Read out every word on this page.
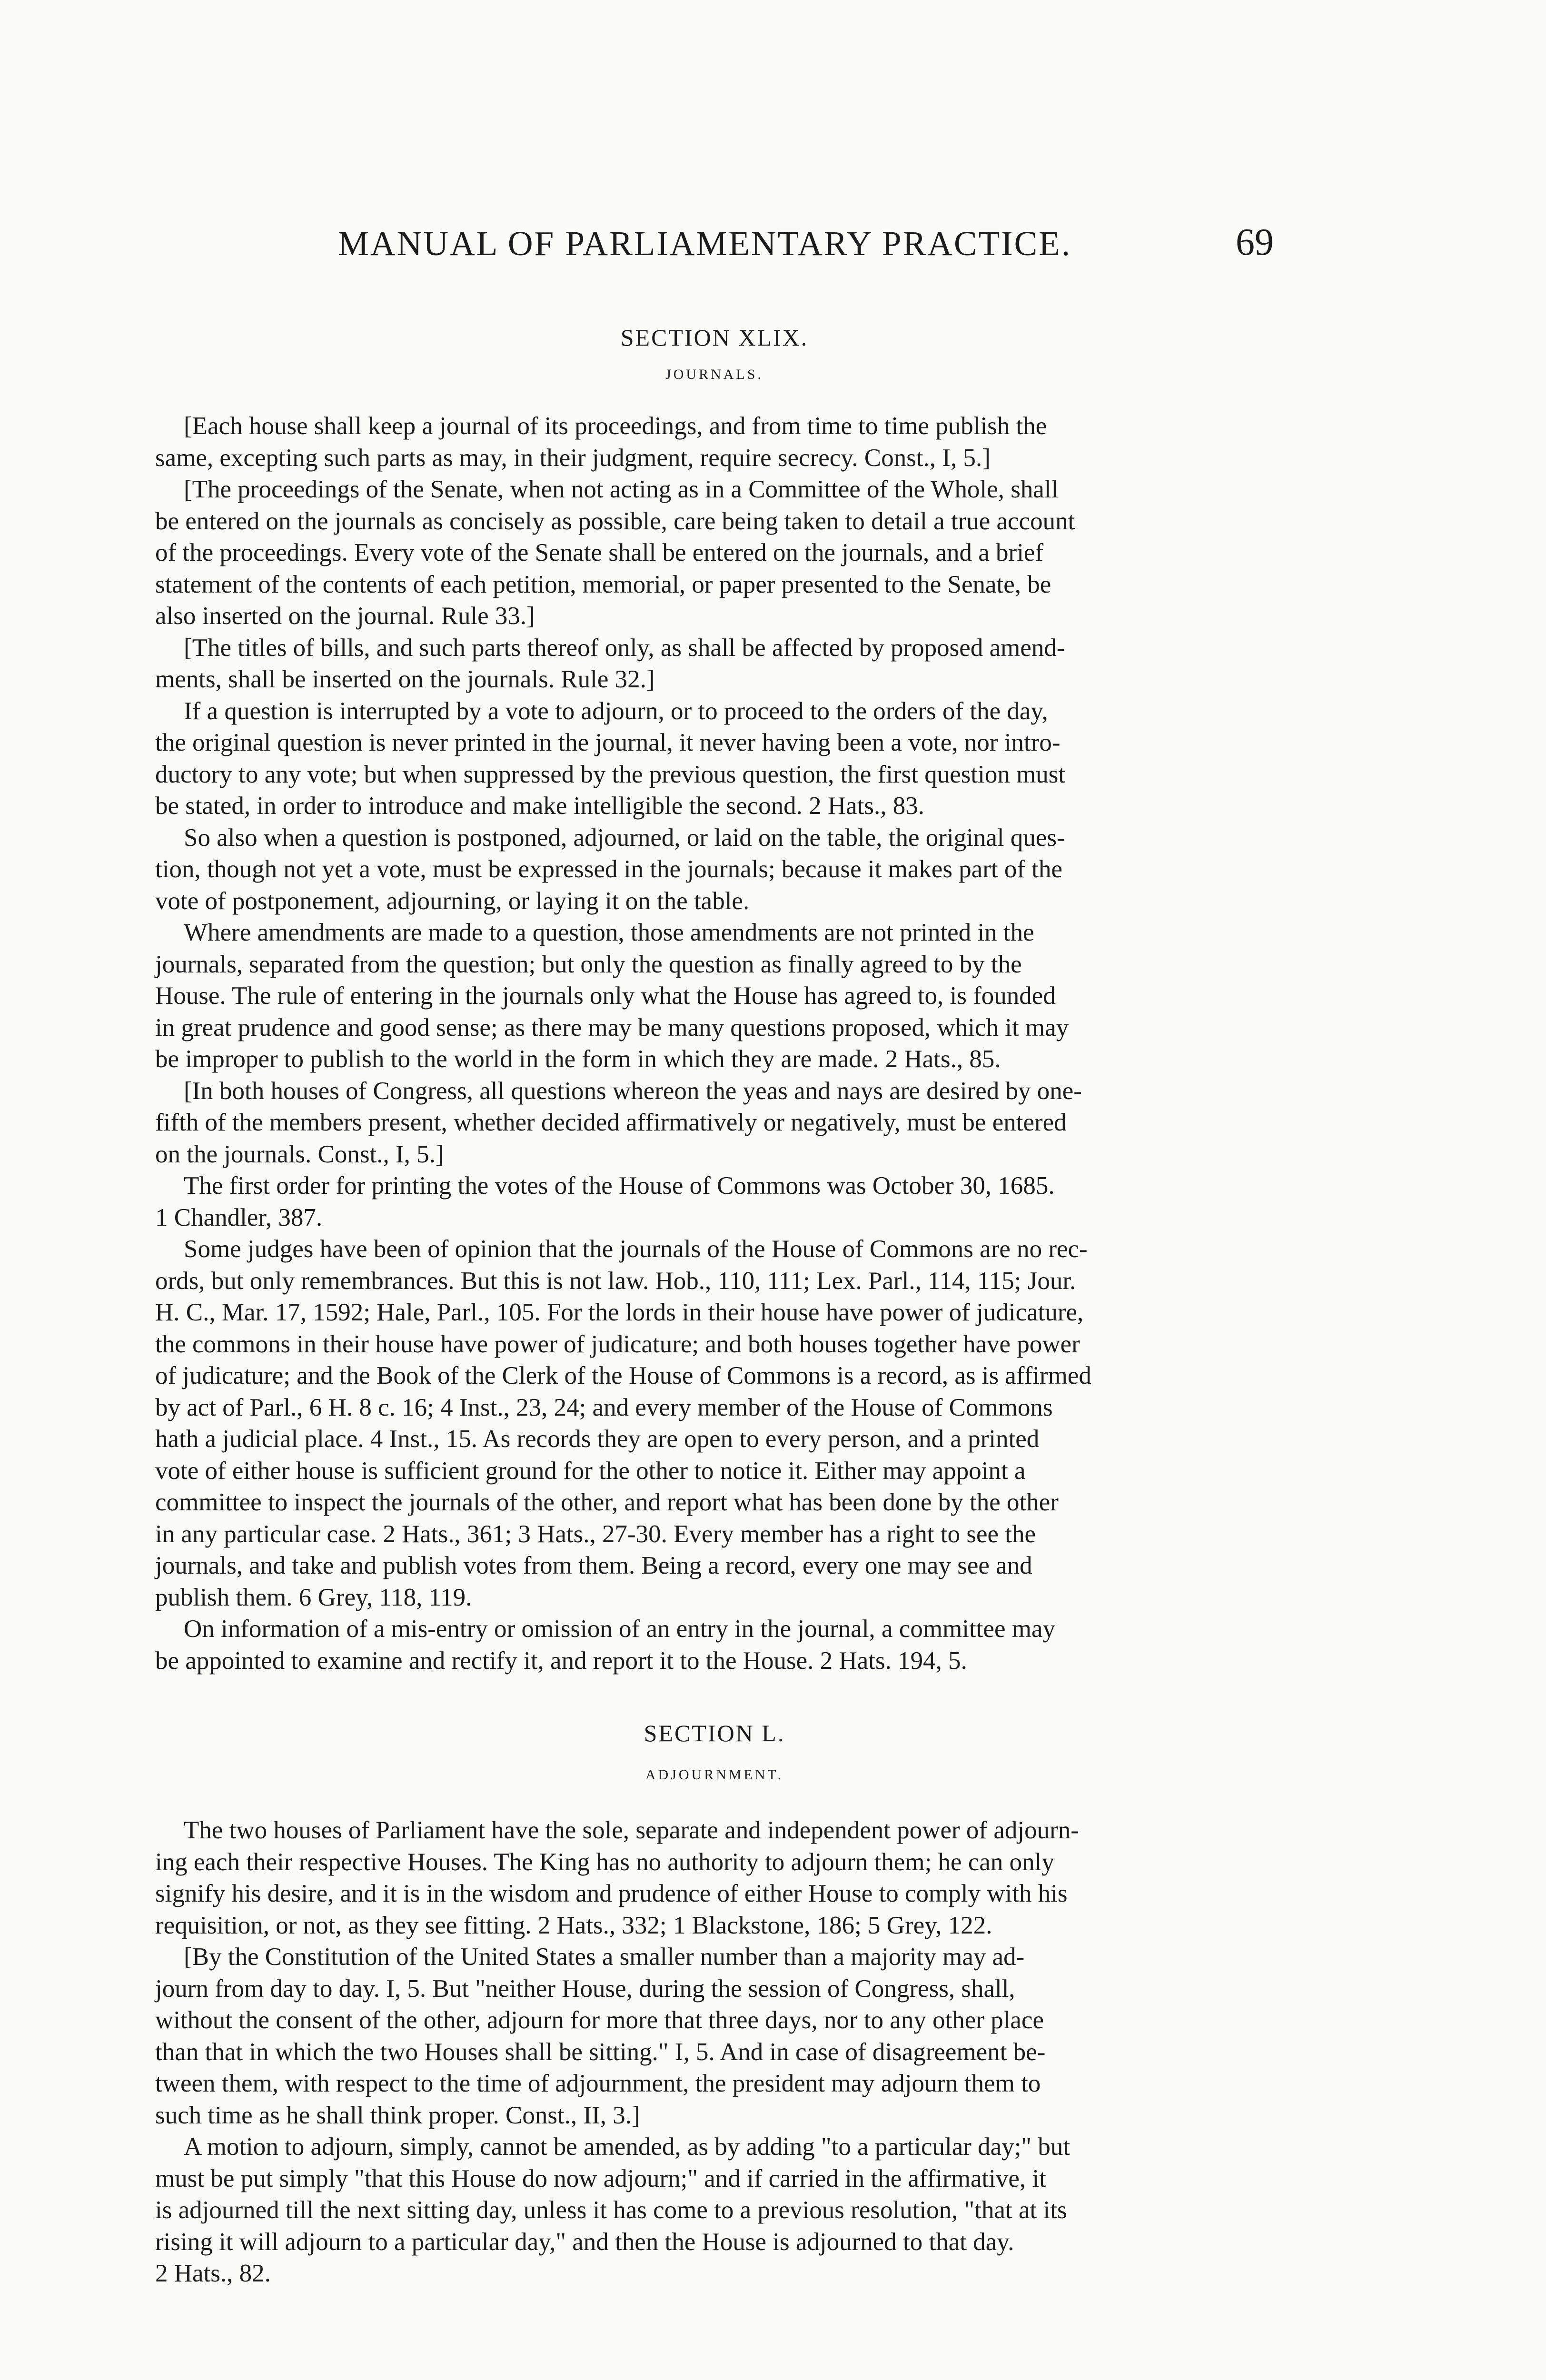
MANUAL OF PARLIAMENTARY PRACTICE.	69
SECTION XLIX.
JOURNALS.

[Each house shall keep a journal of its proceedings, and from time to time publish the
same, excepting such parts as may, in their judgment, require secrecy. Const., I, 5.]

[The proceedings of the Senate, when not acting as in a Committee of the Whole, shall
be entered on the journals as concisely as possible, care being taken to detail a true account
of the proceedings. Every vote of the Senate shall be entered on the journals, and a brief
statement of the contents of each petition, memorial, or paper presented to the Senate, be
also inserted on the journal. Rule 33.]

[The titles of bills, and such parts thereof only, as shall be affected by proposed amend-
ments, shall be inserted on the journals. Rule 32.]

If a question is interrupted by a vote to adjourn, or to proceed to the orders of the day,
the original question is never printed in the journal, it never having been a vote, nor intro-
ductory to any vote; but when suppressed by the previous question, the first question must
be stated, in order to introduce and make intelligible the second. 2 Hats., 83.

So also when a question is postponed, adjourned, or laid on the table, the original ques-
tion, though not yet a vote, must be expressed in the journals; because it makes part of the
vote of postponement, adjourning, or laying it on the table.

Where amendments are made to a question, those amendments are not printed in the
journals, separated from the question; but only the question as finally agreed to by the
House. The rule of entering in the journals only what the House has agreed to, is founded
in great prudence and good sense; as there may be many questions proposed, which it may
be improper to publish to the world in the form in which they are made. 2 Hats., 85.

[In both houses of Congress, all questions whereon the yeas and nays are desired by one-
fifth of the members present, whether decided affirmatively or negatively, must be entered
on the journals. Const., I, 5.]

The first order for printing the votes of the House of Commons was October 30, 1685.
1 Chandler, 387.

Some judges have been of opinion that the journals of the House of Commons are no rec-
ords, but only remembrances. But this is not law. Hob., 110, 111; Lex. Parl., 114, 115; Jour.
H. C., Mar. 17, 1592; Hale, Parl., 105. For the lords in their house have power of judicature,
the commons in their house have power of judicature; and both houses together have power
of judicature; and the Book of the Clerk of the House of Commons is a record, as is affirmed
by act of Parl., 6 H. 8 c. 16; 4 Inst., 23, 24; and every member of the House of Commons
hath a judicial place. 4 Inst., 15. As records they are open to every person, and a printed
vote of either house is sufficient ground for the other to notice it. Either may appoint a
committee to inspect the journals of the other, and report what has been done by the other
in any particular case. 2 Hats., 361; 3 Hats., 27-30. Every member has a right to see the
journals, and take and publish votes from them. Being a record, every one may see and
publish them. 6 Grey, 118, 119.

On information of a mis-entry or omission of an entry in the journal, a committee may
be appointed to examine and rectify it, and report it to the House. 2 Hats. 194, 5.

SECTION L.
ADJOURNMENT.

The two houses of Parliament have the sole, separate and independent power of adjourn-
ing each their respective Houses. The King has no authority to adjourn them; he can only
signify his desire, and it is in the wisdom and prudence of either House to comply with his
requisition, or not, as they see fitting. 2 Hats., 332; 1 Blackstone, 186; 5 Grey, 122.

[By the Constitution of the United States a smaller number than a majority may ad-
journ from day to day. I, 5. But "neither House, during the session of Congress, shall,
without the consent of the other, adjourn for more that three days, nor to any other place
than that in which the two Houses shall be sitting." I, 5. And in case of disagreement be-
tween them, with respect to the time of adjournment, the president may adjourn them to
such time as he shall think proper. Const., II, 3.]

A motion to adjourn, simply, cannot be amended, as by adding "to a particular day;" but
must be put simply "that this House do now adjourn;" and if carried in the affirmative, it
is adjourned till the next sitting day, unless it has come to a previous resolution, "that at its
rising it will adjourn to a particular day," and then the House is adjourned to that day.
2 Hats., 82.
